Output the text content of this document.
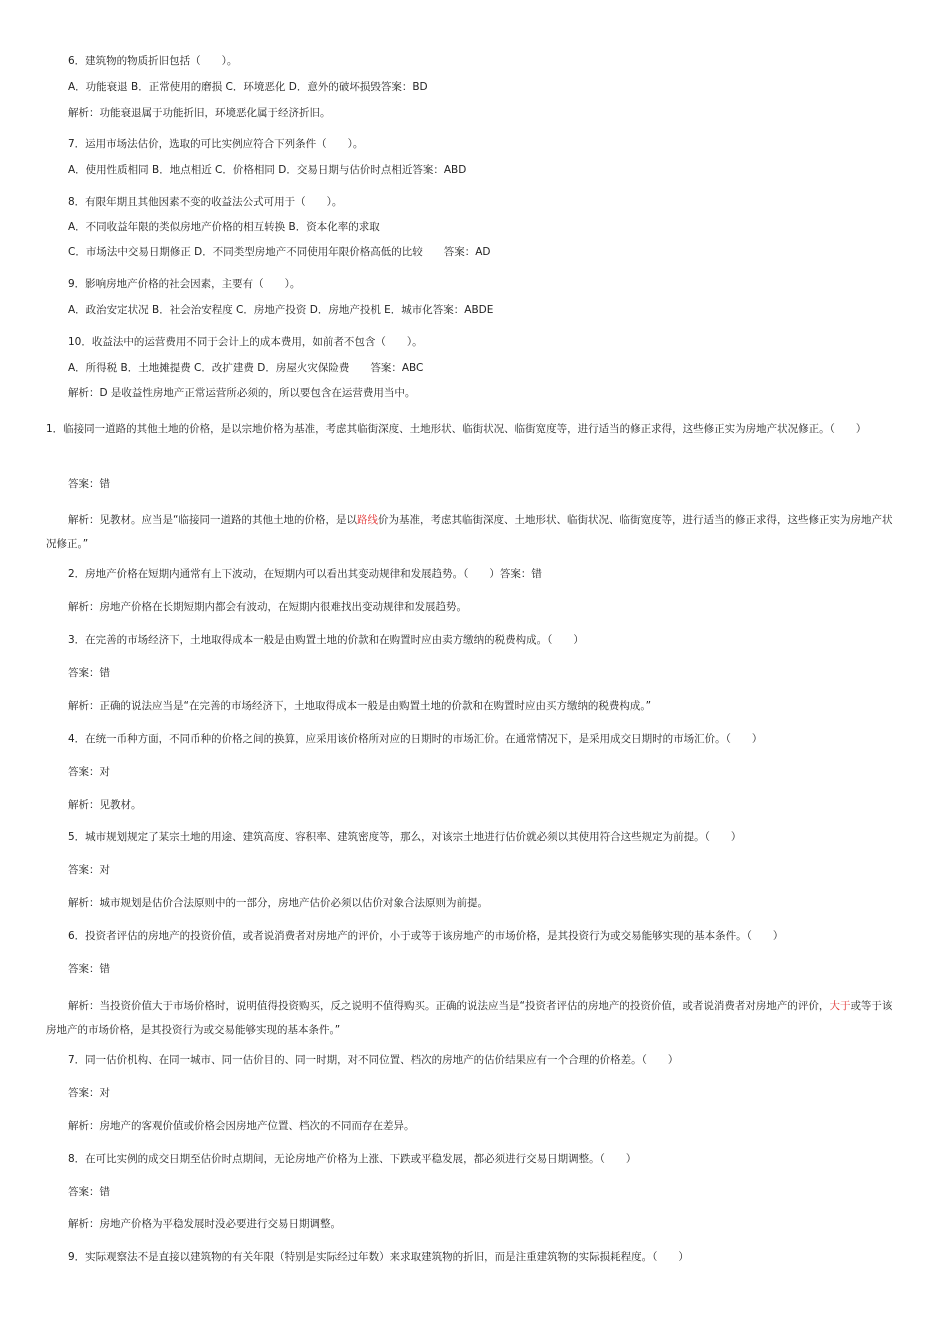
6．建筑物的物质折旧包括（　　）。
A．功能衰退 B．正常使用的磨损 C．环境恶化 D．意外的破坏损毁答案：BD
解析：功能衰退属于功能折旧，环境恶化属于经济折旧。
7．运用市场法估价，选取的可比实例应符合下列条件（　　）。
A．使用性质相同 B．地点相近 C．价格相同 D．交易日期与估价时点相近答案：ABD
8．有限年期且其他因素不变的收益法公式可用于（　　）。
A．不同收益年限的类似房地产价格的相互转换 B．资本化率的求取
C．市场法中交易日期修正 D．不同类型房地产不同使用年限价格高低的比较　　答案：AD
9．影响房地产价格的社会因素，主要有（　　）。
A．政治安定状况 B．社会治安程度 C．房地产投资 D．房地产投机 E．城市化答案：ABDE
10．收益法中的运营费用不同于会计上的成本费用，如前者不包含（　　）。
A．所得税 B．土地摊提费 C．改扩建费 D．房屋火灾保险费　　答案：ABC
解析：D 是收益性房地产正常运营所必须的，所以要包含在运营费用当中。
1．临接同一道路的其他土地的价格，是以宗地价格为基准，考虑其临街深度、土地形状、临街状况、临街宽度等，进行适当的修正求得，这些修正实为房地产状况修正。（　　）
答案：错
解析：见教材。应当是“临接同一道路的其他土地的价格，是以路线价为基准，考虑其临街深度、土地形状、临街状况、临街宽度等，进行适当的修正求得，这些修正实为房地产状况修正。”
2．房地产价格在短期内通常有上下波动，在短期内可以看出其变动规律和发展趋势。（　　）答案：错
解析：房地产价格在长期短期内都会有波动，在短期内很难找出变动规律和发展趋势。
3．在完善的市场经济下，土地取得成本一般是由购置土地的价款和在购置时应由卖方缴纳的税费构成。（　　）
答案：错
解析：正确的说法应当是“在完善的市场经济下，土地取得成本一般是由购置土地的价款和在购置时应由买方缴纳的税费构成。”
4．在统一币种方面，不同币种的价格之间的换算，应采用该价格所对应的日期时的市场汇价。在通常情况下，是采用成交日期时的市场汇价。（　　）
答案：对
解析：见教材。
5．城市规划规定了某宗土地的用途、建筑高度、容积率、建筑密度等，那么，对该宗土地进行估价就必须以其使用符合这些规定为前提。（　　）
答案：对
解析：城市规划是估价合法原则中的一部分，房地产估价必须以估价对象合法原则为前提。
6．投资者评估的房地产的投资价值，或者说消费者对房地产的评价，小于或等于该房地产的市场价格，是其投资行为或交易能够实现的基本条件。（　　）
答案：错
解析：当投资价值大于市场价格时，说明值得投资购买，反之说明不值得购买。正确的说法应当是“投资者评估的房地产的投资价值，或者说消费者对房地产的评价，大于或等于该房地产的市场价格，是其投资行为或交易能够实现的基本条件。”
7．同一估价机构、在同一城市、同一估价目的、同一时期，对不同位置、档次的房地产的估价结果应有一个合理的价格差。（　　）
答案：对
解析：房地产的客观价值或价格会因房地产位置、档次的不同而存在差异。
8．在可比实例的成交日期至估价时点期间，无论房地产价格为上涨、下跌或平稳发展，都必须进行交易日期调整。（　　）
答案：错
解析：房地产价格为平稳发展时没必要进行交易日期调整。
9．实际观察法不是直接以建筑物的有关年限（特别是实际经过年数）来求取建筑物的折旧，而是注重建筑物的实际损耗程度。（　　）
